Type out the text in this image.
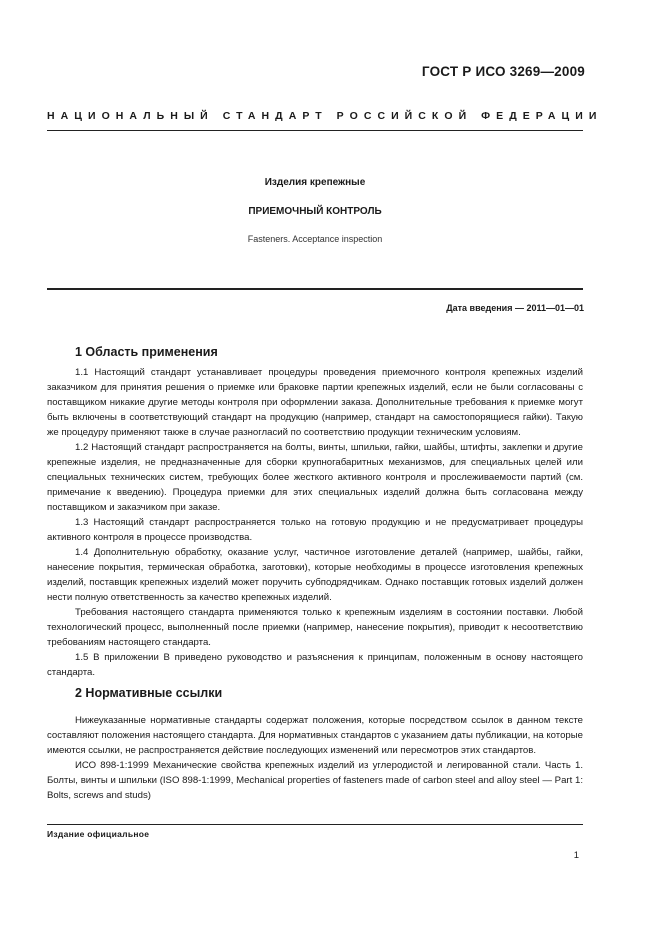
ГОСТ Р ИСО 3269—2009
НАЦИОНАЛЬНЫЙ СТАНДАРТ РОССИЙСКОЙ ФЕДЕРАЦИИ
Изделия крепежные
ПРИЕМОЧНЫЙ КОНТРОЛЬ
Fasteners. Acceptance inspection
Дата введения — 2011—01—01
1 Область применения

1.1 Настоящий стандарт устанавливает процедуры проведения приемочного контроля крепежных изделий заказчиком для принятия решения о приемке или браковке партии крепежных изделий, если не были согласованы с поставщиком никакие другие методы контроля при оформлении заказа. Дополнительные требования к приемке могут быть включены в соответствующий стандарт на продукцию (например, стандарт на самостопорящиеся гайки). Такую же процедуру применяют также в случае разногласий по соответствию продукции техническим условиям.

1.2 Настоящий стандарт распространяется на болты, винты, шпильки, гайки, шайбы, штифты, заклепки и другие крепежные изделия, не предназначенные для сборки крупногабаритных механизмов, для специальных целей или специальных технических систем, требующих более жесткого активного контроля и прослеживаемости партий (см. примечание к введению). Процедура приемки для этих специальных изделий должна быть согласована между поставщиком и заказчиком при заказе.

1.3 Настоящий стандарт распространяется только на готовую продукцию и не предусматривает процедуры активного контроля в процессе производства.

1.4 Дополнительную обработку, оказание услуг, частичное изготовление деталей (например, шайбы, гайки, нанесение покрытия, термическая обработка, заготовки), которые необходимы в процессе изготовления крепежных изделий, поставщик крепежных изделий может поручить субподрядчикам. Однако поставщик готовых изделий должен нести полную ответственность за качество крепежных изделий.

Требования настоящего стандарта применяются только к крепежным изделиям в состоянии поставки. Любой технологический процесс, выполненный после приемки (например, нанесение покрытия), приводит к несоответствию требованиям настоящего стандарта.

1.5 В приложении В приведено руководство и разъяснения к принципам, положенным в основу настоящего стандарта.

2 Нормативные ссылки

Нижеуказанные нормативные стандарты содержат положения, которые посредством ссылок в данном тексте составляют положения настоящего стандарта. Для нормативных стандартов с указанием даты публикации, на которые имеются ссылки, не распространяется действие последующих изменений или пересмотров этих стандартов.

ИСО 898-1:1999 Механические свойства крепежных изделий из углеродистой и легированной стали. Часть 1. Болты, винты и шпильки (ISO 898-1:1999, Mechanical properties of fasteners made of carbon steel and alloy steel — Part 1: Bolts, screws and studs)

Издание официальное
1
